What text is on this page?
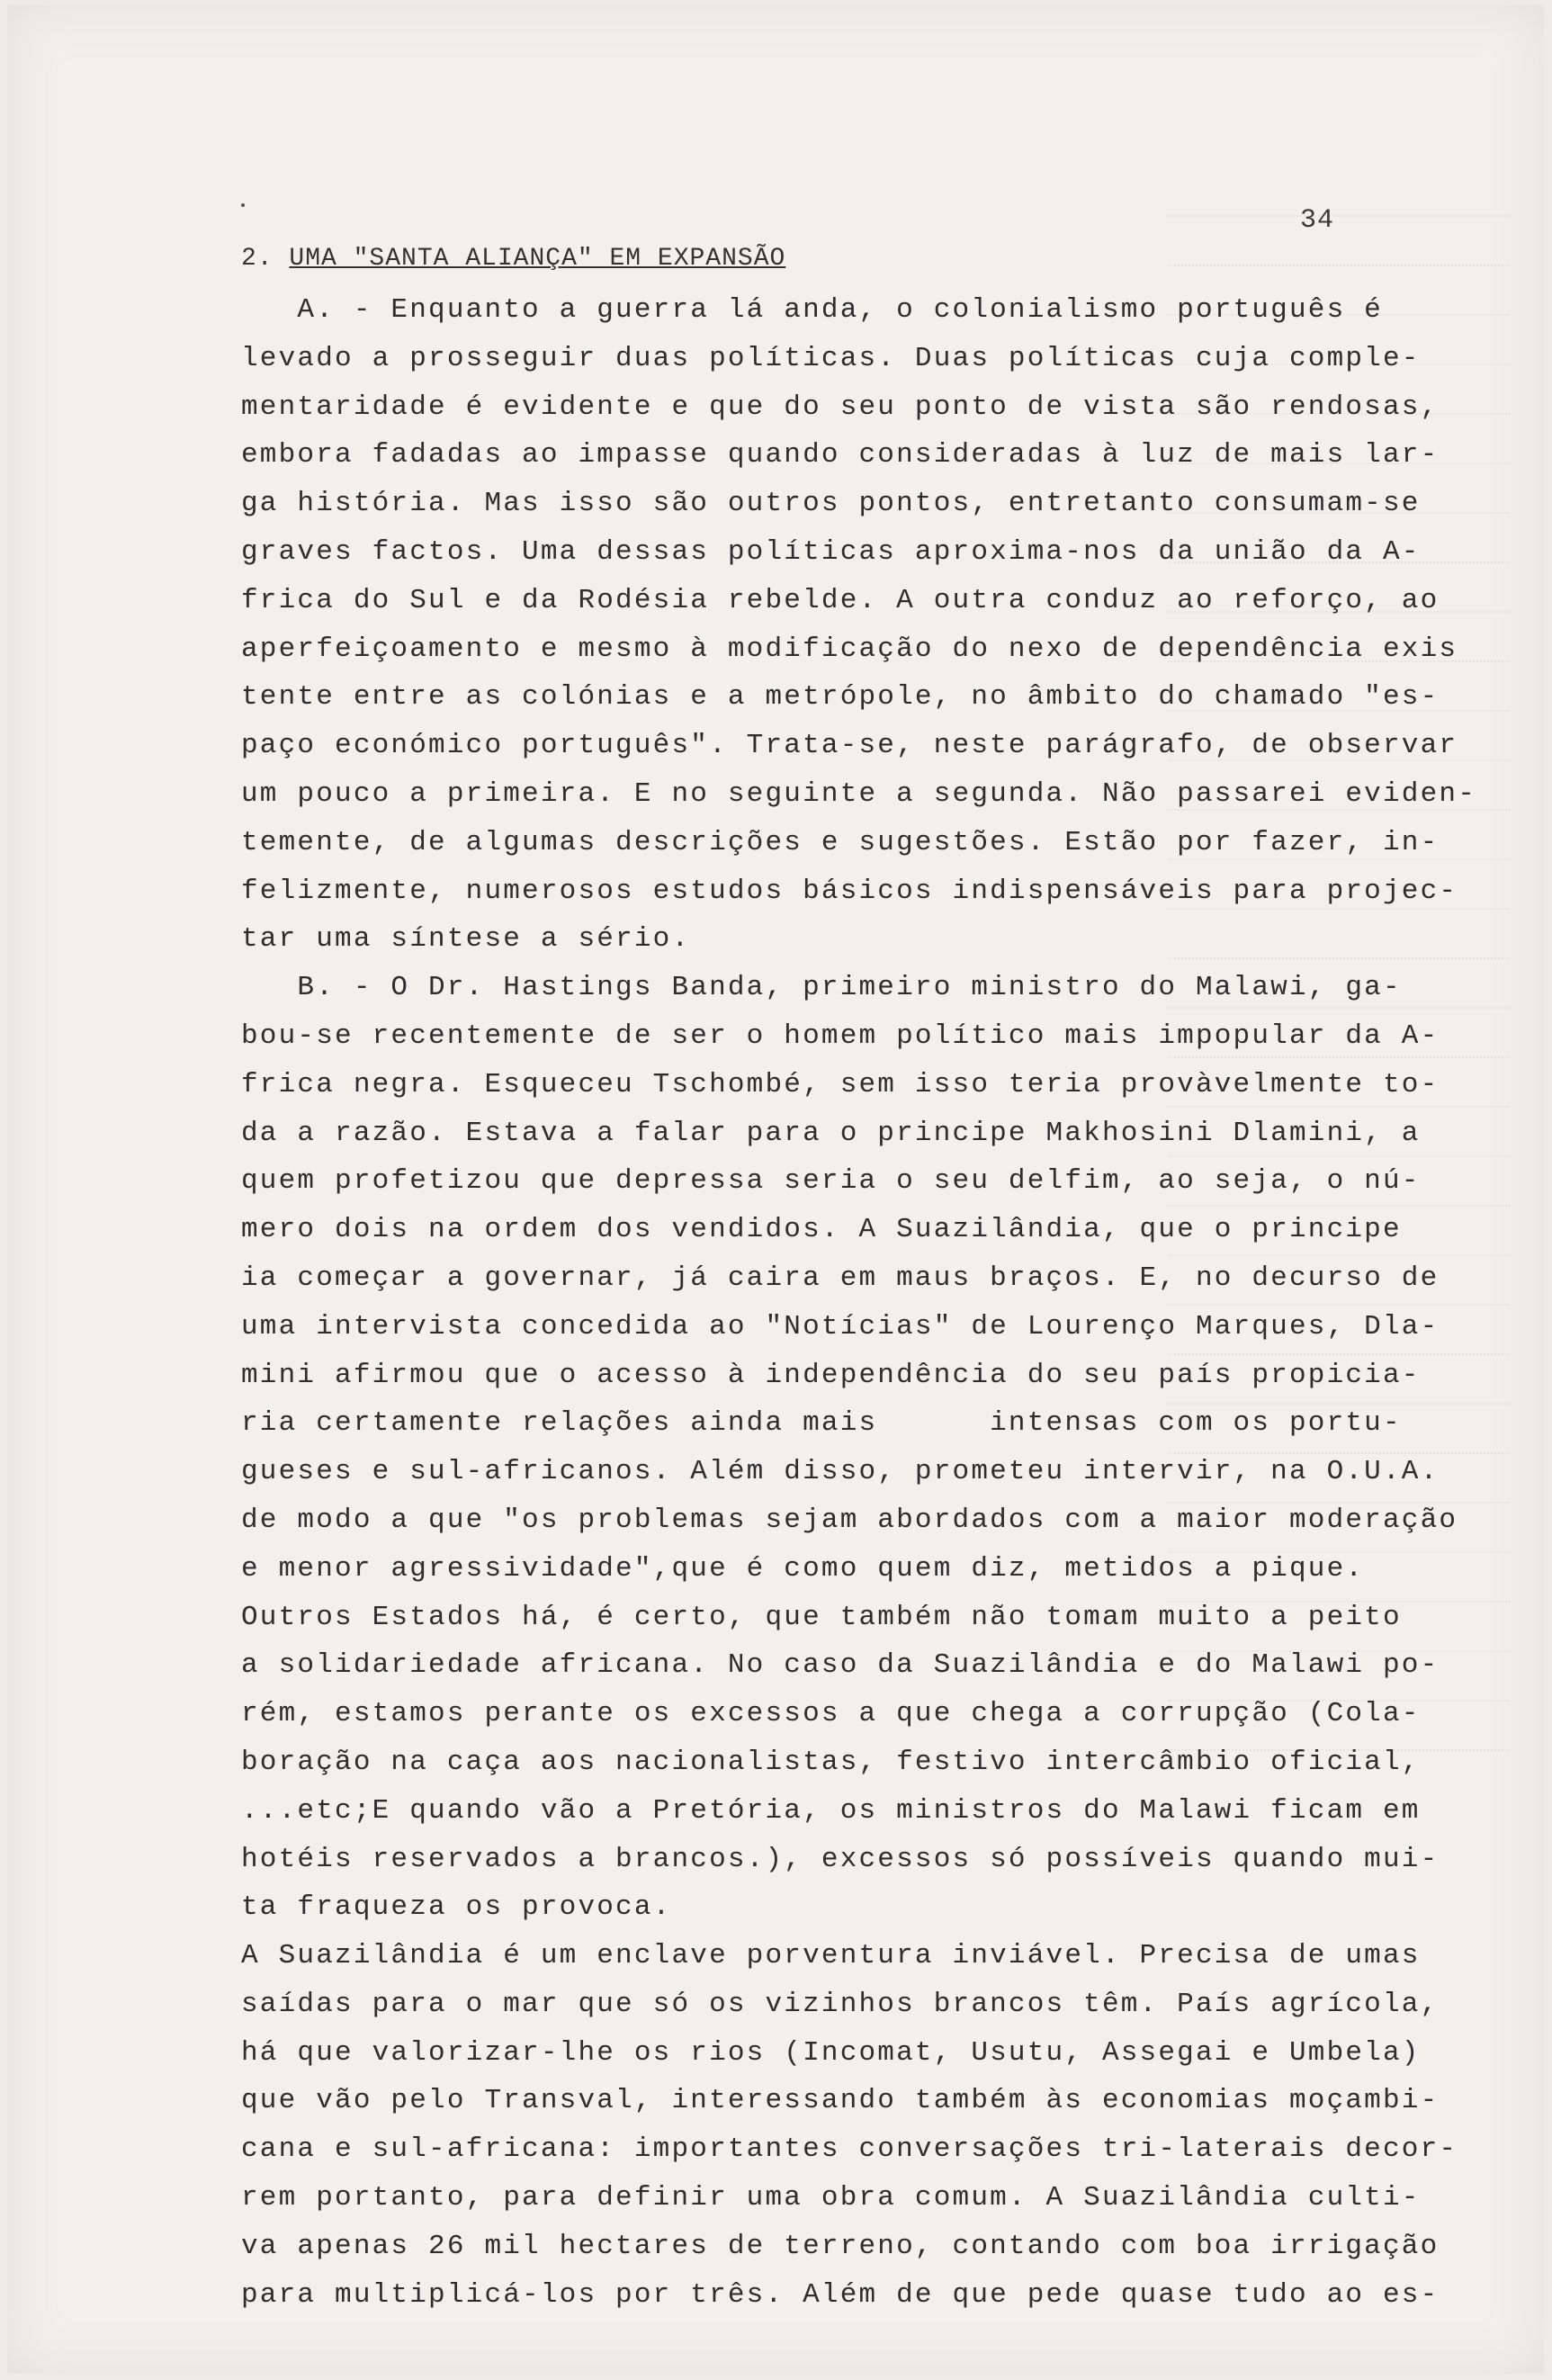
34
2. UMA "SANTA ALIANÇA" EM EXPANSÃO
A. - Enquanto a guerra lá anda, o colonialismo português é
levado a prosseguir duas políticas. Duas políticas cuja comple-
mentaridade é evidente e que do seu ponto de vista são rendosas,
embora fadadas ao impasse quando consideradas à luz de mais lar-
ga história. Mas isso são outros pontos, entretanto consumam-se
graves factos. Uma dessas políticas aproxima-nos da união da A-
frica do Sul e da Rodésia rebelde. A outra conduz ao reforço, ao
aperfeiçoamento e mesmo à modificação do nexo de dependência exis
tente entre as colónias e a metrópole, no âmbito do chamado "es-
paço económico português". Trata-se, neste parágrafo, de observar
um pouco a primeira. E no seguinte a segunda. Não passarei eviden-
temente, de algumas descrições e sugestões. Estão por fazer, in-
felizmente, numerosos estudos básicos indispensáveis para projec-
tar uma síntese a sério.
B. - O Dr. Hastings Banda, primeiro ministro do Malawi, ga-
bou-se recentemente de ser o homem político mais impopular da A-
frica negra. Esqueceu Tschombé, sem isso teria provàvelmente to-
da a razão. Estava a falar para o principe Makhosini Dlamini, a
quem profetizou que depressa seria o seu delfim, ao seja, o nú-
mero dois na ordem dos vendidos. A Suazilândia, que o principe
ia começar a governar, já caira em maus braços. E, no decurso de
uma intervista concedida ao "Notícias" de Lourenço Marques, Dla-
mini afirmou que o acesso à independência do seu país propicia-
ria certamente relações ainda mais      intensas com os portu-
gueses e sul-africanos. Além disso, prometeu intervir, na O.U.A.
de modo a que "os problemas sejam abordados com a maior moderação
e menor agressividade",que é como quem diz, metidos a pique.
Outros Estados há, é certo, que também não tomam muito a peito
a solidariedade africana. No caso da Suazilândia e do Malawi po-
rém, estamos perante os excessos a que chega a corrupção (Cola-
boração na caça aos nacionalistas, festivo intercâmbio oficial,
...etc;E quando vão a Pretória, os ministros do Malawi ficam em
hotéis reservados a brancos.), excessos só possíveis quando mui-
ta fraqueza os provoca.
A Suazilândia é um enclave porventura inviável. Precisa de umas
saídas para o mar que só os vizinhos brancos têm. País agrícola,
há que valorizar-lhe os rios (Incomat, Usutu, Assegai e Umbela)
que vão pelo Transval, interessando também às economias moçambi-
cana e sul-africana: importantes conversações tri-laterais decor-
rem portanto, para definir uma obra comum. A Suazilândia culti-
va apenas 26 mil hectares de terreno, contando com boa irrigação
para multiplicá-los por três. Além de que pede quase tudo ao es-
